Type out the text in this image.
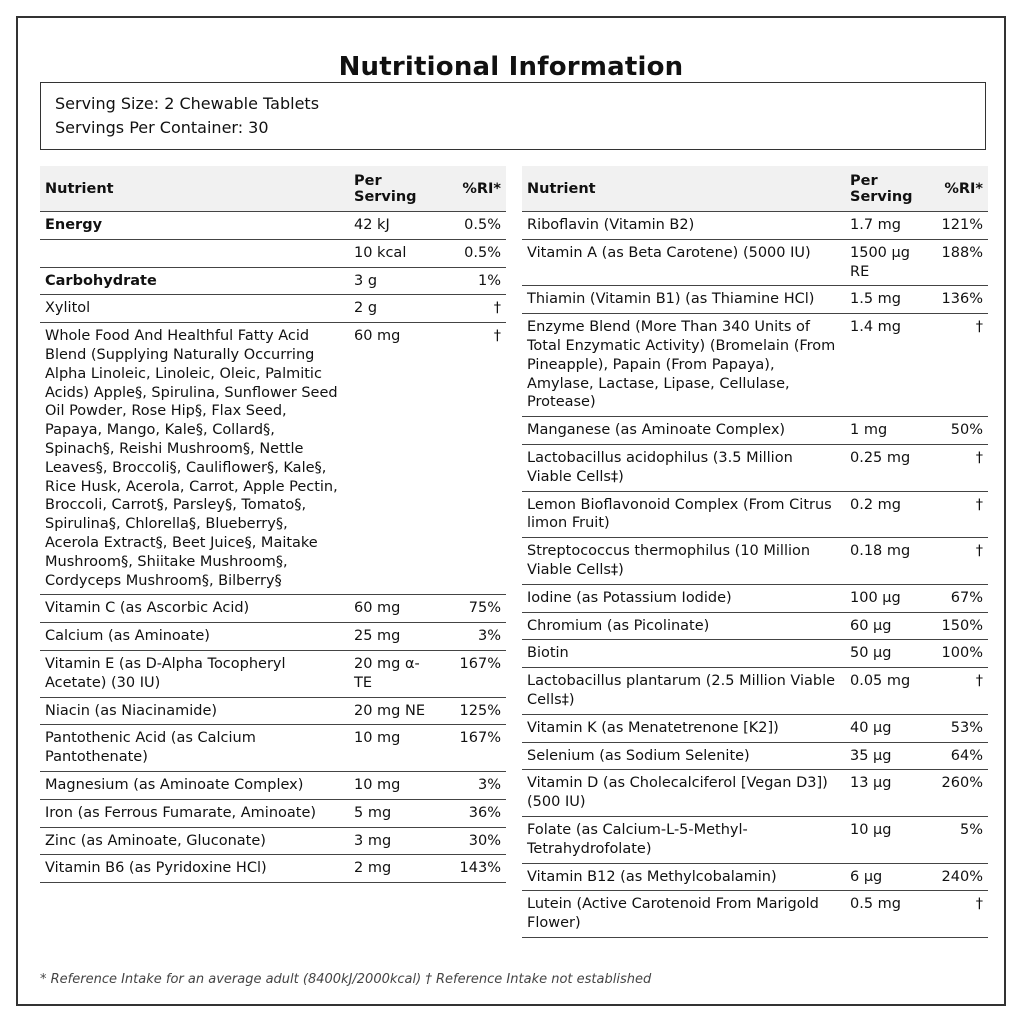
Nutritional Information
Serving Size: 2 Chewable Tablets
Servings Per Container: 30
Nutrient	Per Serving	%RI*
Energy	42 kJ	0.5%
	10 kcal	0.5%
Carbohydrate	3 g	1%
Xylitol	2 g	†
Whole Food And Healthful Fatty Acid Blend (Supplying Naturally Occurring Alpha Linoleic, Linoleic, Oleic, Palmitic Acids) Apple§, Spirulina, Sunflower Seed Oil Powder, Rose Hip§, Flax Seed, Papaya, Mango, Kale§, Collard§, Spinach§, Reishi Mushroom§, Nettle Leaves§, Broccoli§, Cauliflower§, Kale§, Rice Husk, Acerola, Carrot, Apple Pectin, Broccoli, Carrot§, Parsley§, Tomato§, Spirulina§, Chlorella§, Blueberry§, Acerola Extract§, Beet Juice§, Maitake Mushroom§, Shiitake Mushroom§, Cordyceps Mushroom§, Bilberry§	60 mg	†
Vitamin C (as Ascorbic Acid)	60 mg	75%
Calcium (as Aminoate)	25 mg	3%
Vitamin E (as D-Alpha Tocopheryl Acetate) (30 IU)	20 mg α-TE	167%
Niacin (as Niacinamide)	20 mg NE	125%
Pantothenic Acid (as Calcium Pantothenate)	10 mg	167%
Magnesium (as Aminoate Complex)	10 mg	3%
Iron (as Ferrous Fumarate, Aminoate)	5 mg	36%
Zinc (as Aminoate, Gluconate)	3 mg	30%
Vitamin B6 (as Pyridoxine HCl)	2 mg	143%
Nutrient	Per Serving	%RI*
Riboflavin (Vitamin B2)	1.7 mg	121%
Vitamin A (as Beta Carotene) (5000 IU)	1500 µg RE	188%
Thiamin (Vitamin B1) (as Thiamine HCl)	1.5 mg	136%
Enzyme Blend (More Than 340 Units of Total Enzymatic Activity) (Bromelain (From Pineapple), Papain (From Papaya), Amylase, Lactase, Lipase, Cellulase, Protease)	1.4 mg	†
Manganese (as Aminoate Complex)	1 mg	50%
Lactobacillus acidophilus (3.5 Million Viable Cells‡)	0.25 mg	†
Lemon Bioflavonoid Complex (From Citrus limon Fruit)	0.2 mg	†
Streptococcus thermophilus (10 Million Viable Cells‡)	0.18 mg	†
Iodine (as Potassium Iodide)	100 µg	67%
Chromium (as Picolinate)	60 µg	150%
Biotin	50 µg	100%
Lactobacillus plantarum (2.5 Million Viable Cells‡)	0.05 mg	†
Vitamin K (as Menatetrenone [K2])	40 µg	53%
Selenium (as Sodium Selenite)	35 µg	64%
Vitamin D (as Cholecalciferol [Vegan D3]) (500 IU)	13 µg	260%
Folate (as Calcium-L-5-Methyl-Tetrahydrofolate)	10 µg	5%
Vitamin B12 (as Methylcobalamin)	6 µg	240%
Lutein (Active Carotenoid From Marigold Flower)	0.5 mg	†
* Reference Intake for an average adult (8400kJ/2000kcal) † Reference Intake not established
